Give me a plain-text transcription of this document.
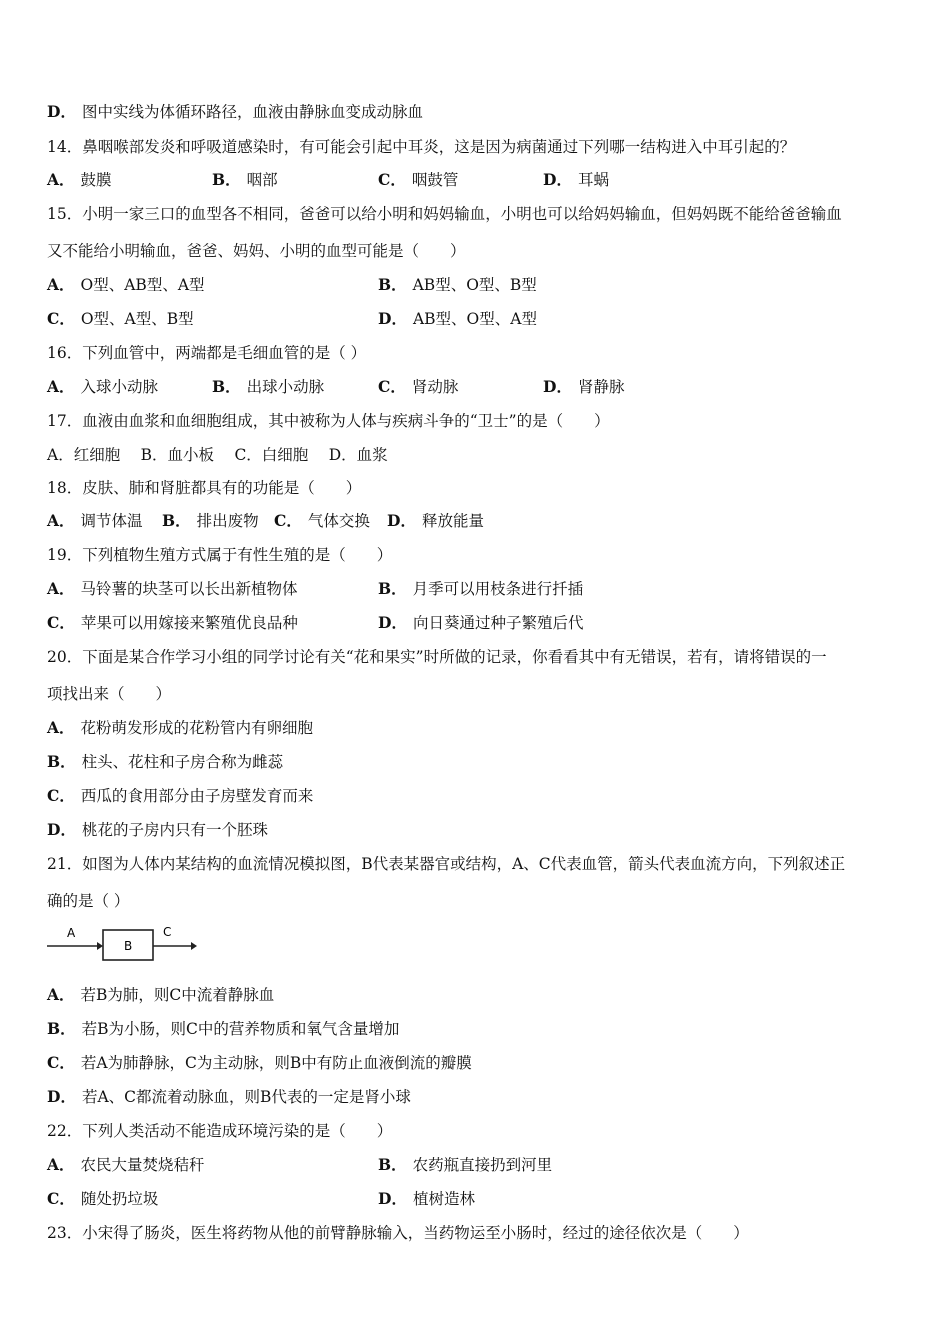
D． 图中实线为体循环路径，血液由静脉血变成动脉血
14．鼻咽喉部发炎和呼吸道感染时，有可能会引起中耳炎，这是因为病菌通过下列哪一结构进入中耳引起的？
A． 鼓膜	B． 咽部	C． 咽鼓管	D． 耳蜗
15．小明一家三口的血型各不相同，爸爸可以给小明和妈妈输血，小明也可以给妈妈输血，但妈妈既不能给爸爸输血
又不能给小明输血，爸爸、妈妈、小明的血型可能是（　　）
A． O型、AB型、A型	B． AB型、O型、B型
C． O型、A型、B型	D． AB型、O型、A型
16．下列血管中，两端都是毛细血管的是（ ）
A． 入球小动脉	B． 出球小动脉	C． 肾动脉	D． 肾静脉
17．血液由血浆和血细胞组成，其中被称为人体与疾病斗争的“卫士”的是（　　）
A．红细胞　 B．血小板　 C．白细胞　 D．血浆
18．皮肤、肺和肾脏都具有的功能是（　　）
A． 调节体温 B． 排出废物 C． 气体交换 D． 释放能量
19．下列植物生殖方式属于有性生殖的是（　　）
A． 马铃薯的块茎可以长出新植物体	B． 月季可以用枝条进行扦插
C． 苹果可以用嫁接来繁殖优良品种	D． 向日葵通过种子繁殖后代
20．下面是某合作学习小组的同学讨论有关“花和果实”时所做的记录，你看看其中有无错误，若有，请将错误的一
项找出来（　　）
A． 花粉萌发形成的花粉管内有卵细胞
B． 柱头、花柱和子房合称为雌蕊
C． 西瓜的食用部分由子房壁发育而来
D． 桃花的子房内只有一个胚珠
21．如图为人体内某结构的血流情况模拟图，B代表某器官或结构，A、C代表血管，箭头代表血流方向，下列叙述正
确的是（ ）
A
B
C
A． 若B为肺，则C中流着静脉血
B． 若B为小肠，则C中的营养物质和氧气含量增加
C． 若A为肺静脉，C为主动脉，则B中有防止血液倒流的瓣膜
D． 若A、C都流着动脉血，则B代表的一定是肾小球
22．下列人类活动不能造成环境污染的是（　　）
A． 农民大量焚烧秸秆	B． 农药瓶直接扔到河里
C． 随处扔垃圾	D． 植树造林
23．小宋得了肠炎，医生将药物从他的前臂静脉输入，当药物运至小肠时，经过的途径依次是（　　）
